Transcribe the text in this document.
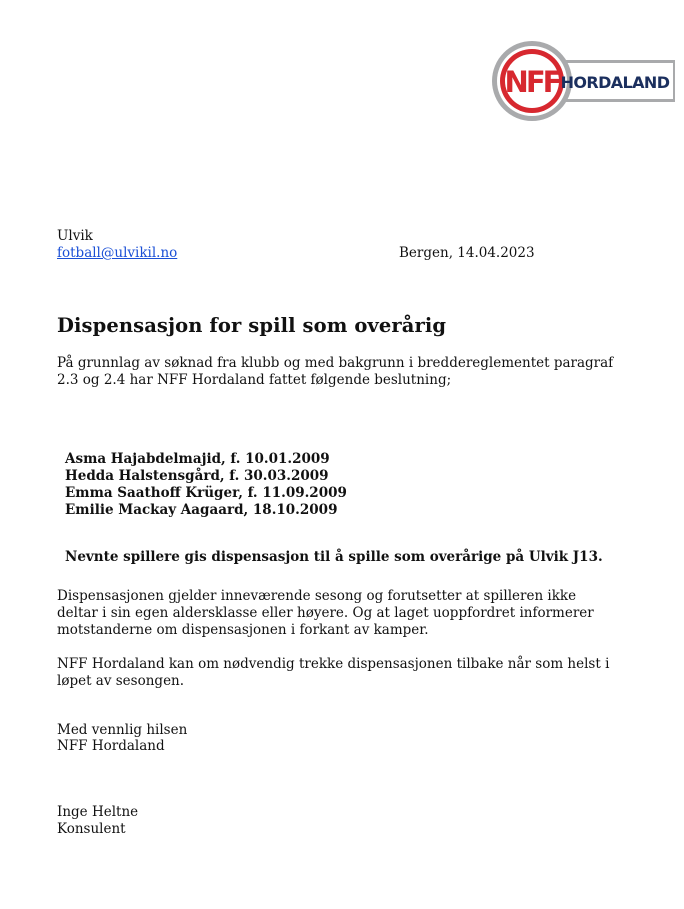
NFF HORDALAND
Ulvik
fotball@ulvikil.no	Bergen, 14.04.2023
Dispensasjon for spill som overårig

På grunnlag av søknad fra klubb og med bakgrunn i breddereglementet paragraf 2.3 og 2.4 har NFF Hordaland fattet følgende beslutning;

Asma Hajabdelmajid, f. 10.01.2009
Hedda Halstensgård, f. 30.03.2009
Emma Saathoff Krüger, f. 11.09.2009
Emilie Mackay Aagaard, 18.10.2009
Nevnte spillere gis dispensasjon til å spille som overårige på Ulvik J13.

Dispensasjonen gjelder inneværende sesong og forutsetter at spilleren ikke deltar i sin egen aldersklasse eller høyere. Og at laget uoppfordret informerer motstanderne om dispensasjonen i forkant av kamper.

NFF Hordaland kan om nødvendig trekke dispensasjonen tilbake når som helst i løpet av sesongen.

Med vennlig hilsen
NFF Hordaland
Inge Heltne
Konsulent
